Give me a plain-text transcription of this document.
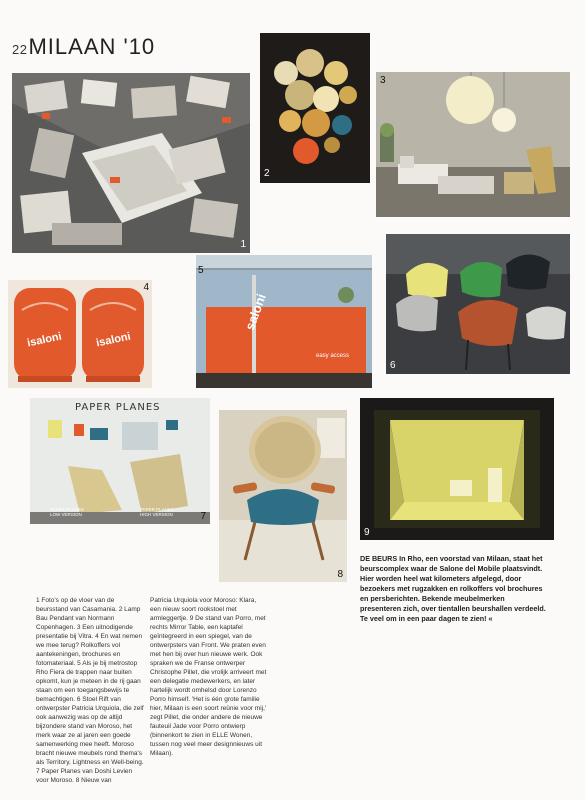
22 MILAAN '10
1
2
3
isaloni	isaloni
4
saloni
easy access
5
6
PAPER PLANES
PAPER PLANES
LOW VERSION
PAPER PLANES
HIGH VERSION	7
8
9
DE BEURS In Rho, een voorstad van Milaan, staat het beurscomplex waar de Salone del Mobile plaatsvindt. Hier worden heel wat kilometers afgelegd, door bezoekers met rugzakken en rolkoffers vol brochures en persberichten. Bekende meubelmerken presenteren zich, over tientallen beurshallen verdeeld. Te veel om in een paar dagen te zien! «
1 Foto's op de vloer van de beursstand van Casamania. 2 Lamp Bau Pendant van Normann Copenhagen. 3 Een uitnodigende presentatie bij Vitra. 4 En wat nemen we mee terug? Rolkoffers vol aantekeningen, brochures en fotomateriaal. 5 Als je bij metrostop Rho Fiera de trappen naar buiten opkomt, kun je meteen in de rij gaan staan om een toegangsbewijs te bemachtigen. 6 Stoel Rift van ontwerpster Patricia Urquiola, die zelf ook aanwezig was op de altijd bijzondere stand van Moroso, het merk waar ze al jaren een goede samenwerking mee heeft. Moroso bracht nieuwe meubels rond thema's als Territory, Lightness en Well-being. 7 Paper Planes van Doshi Levien voor Moroso. 8 Nieuw van
Patricia Urquiola voor Moroso: Klara, een nieuw soort rookstoel met armleggertje. 9 De stand van Porro, met rechts Mirror Table, een kaptafel geïntegreerd in een spiegel, van de ontwerpsters van Front. We praten even met hen bij over hun nieuwe werk. Ook spraken we de Franse ontwerper Christophe Pillet, die vrolijk arriveert met een delegatie medewerkers, en later hartelijk wordt omhelsd door Lorenzo Porro himself. 'Het is één grote familie hier, Milaan is een soort reünie voor mij,' zegt Pillet, die onder andere de nieuwe fauteuil Jade voor Porro ontwierp (binnenkort te zien in ELLE Wonen, tussen nog veel meer designnieuws uit Milaan).
